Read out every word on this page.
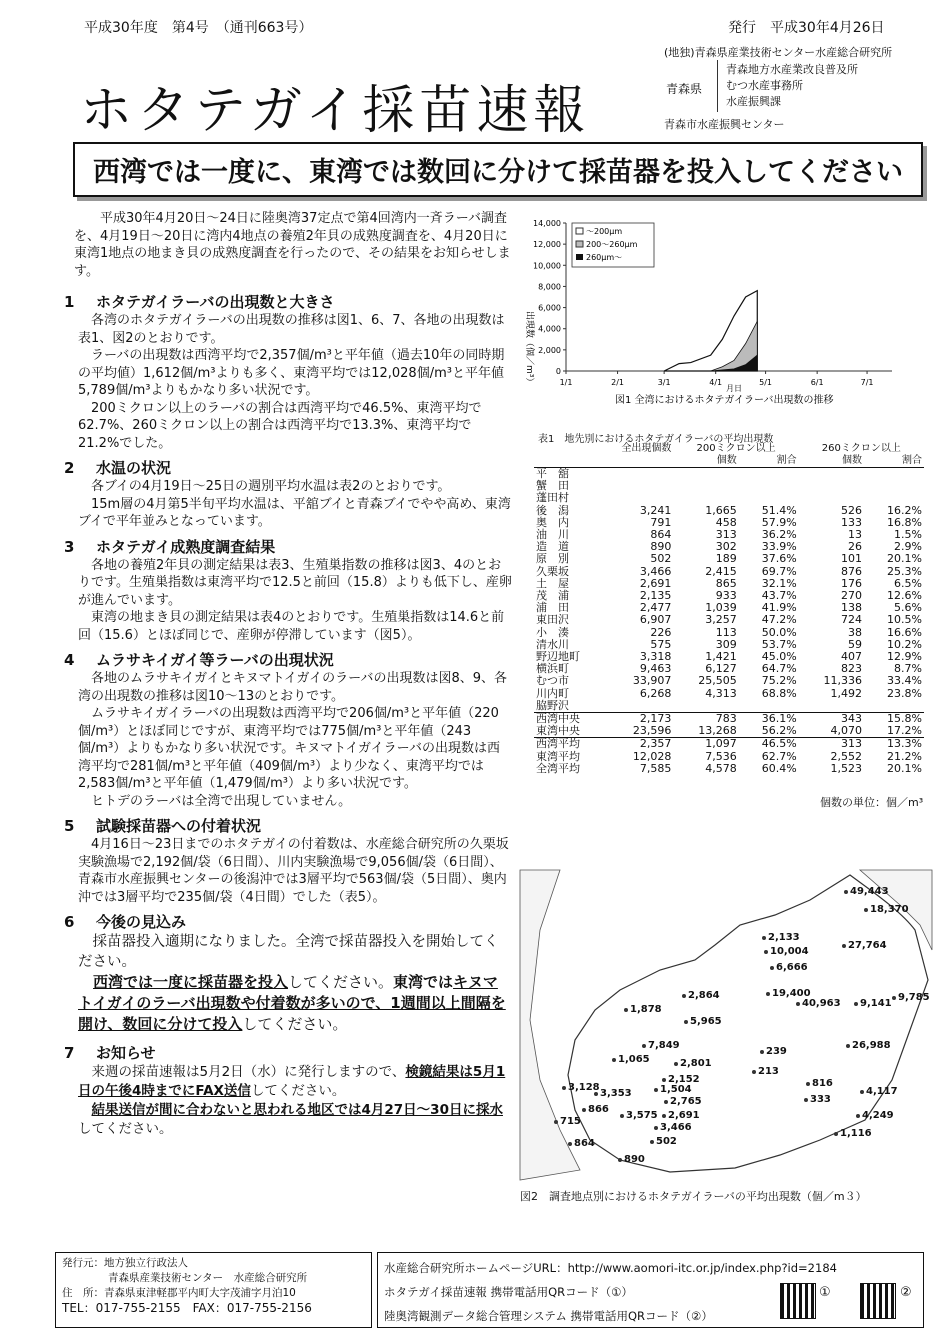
平成30年度　第4号　（通刊663号）	発行　平成30年4月26日
(地独)青森県産業技術センター水産総合研究所
青森県
青森地方水産業改良普及所
むつ水産事務所
水産振興課
青森市水産振興センター
ホタテガイ採苗速報
西湾では一度に、東湾では数回に分けて採苗器を投入してください

平成30年4月20日～24日に陸奥湾37定点で第4回湾内一斉ラーバ調査を、4月19日～20日に湾内4地点の養殖2年貝の成熟度調査を、4月20日に東湾1地点の地まき貝の成熟度調査を行ったので、その結果をお知らせします。

1 ホタテガイラーバの出現数と大きさ

各湾のホタテガイラーバの出現数の推移は図1、6、7、各地の出現数は表1、図2のとおりです。

ラーバの出現数は西湾平均で2,357個/m³と平年値（過去10年の同時期の平均値）1,612個/m³よりも多く、東湾平均では12,028個/m³と平年値5,789個/m³よりもかなり多い状況です。

200ミクロン以上のラーバの割合は西湾平均で46.5%、東湾平均で62.7%、260ミクロン以上の割合は西湾平均で13.3%、東湾平均で21.2%でした。

2 水温の状況

各ブイの4月19日～25日の週別平均水温は表2のとおりです。

15m層の4月第5半旬平均水温は、平舘ブイと青森ブイでやや高め、東湾ブイで平年並みとなっています。

3 ホタテガイ成熟度調査結果

各地の養殖2年貝の測定結果は表3、生殖巣指数の推移は図3、4のとおりです。生殖巣指数は東湾平均で12.5と前回（15.8）よりも低下し、産卵が進んでいます。

東湾の地まき貝の測定結果は表4のとおりです。生殖巣指数は14.6と前回（15.6）とほぼ同じで、産卵が停滞しています（図5）。

4 ムラサキイガイ等ラーバの出現状況

各地のムラサキイガイとキヌマトイガイのラーバの出現数は図8、9、各湾の出現数の推移は図10～13のとおりです。

ムラサキイガイラーバの出現数は西湾平均で206個/m³と平年値（220個/m³）とほぼ同じですが、東湾平均では775個/m³と平年値（243個/m³）よりもかなり多い状況です。キヌマトイガイラーバの出現数は西湾平均で281個/m³と平年値（409個/m³）より少なく、東湾平均では2,583個/m³と平年値（1,479個/m³）より多い状況です。

ヒトデのラーバは全湾で出現していません。

5 試験採苗器への付着状況

4月16日～23日までのホタテガイの付着数は、水産総合研究所の久栗坂実験漁場で2,192個/袋（6日間）、川内実験漁場で9,056個/袋（6日間）、青森市水産振興センターの後潟沖では3層平均で563個/袋（5日間）、奥内沖では3層平均で235個/袋（4日間）でした（表5）。

6 今後の見込み

採苗器投入適期になりました。全湾で採苗器投入を開始してください。

西湾では一度に採苗器を投入してください。東湾ではキヌマトイガイのラーバ出現数や付着数が多いので、1週間以上間隔を開け、数回に分けて投入してください。

7 お知らせ

来週の採苗速報は5月2日（水）に発行しますので、検鏡結果は5月1日の午後4時までにFAX送信してください。

結果送信が間に合わないと思われる地区では4月27日～30日に採水してください。

0
2,000
4,000
6,000
8,000
10,000
12,000
14,000
1/1	2/1	3/1	4/1	5/1	6/1	7/1
～200μm
200～260μm
260μm～
出現数（個／m³）
月日
図1 全湾におけるホタテガイラーバ出現数の推移
表1　地先別におけるホタテガイラーバの平均出現数
	全出現個数	200ミクロン以上		260ミクロン以上	
		個数	割合	個数	割合
平　舘					
蟹　田					
蓬田村					
後　潟	3,241	1,665	51.4%	526	16.2%
奥　内	791	458	57.9%	133	16.8%
油　川	864	313	36.2%	13	1.5%
造　道	890	302	33.9%	26	2.9%
原　別	502	189	37.6%	101	20.1%
久栗坂	3,466	2,415	69.7%	876	25.3%
土　屋	2,691	865	32.1%	176	6.5%
茂　浦	2,135	933	43.7%	270	12.6%
浦　田	2,477	1,039	41.9%	138	5.6%
東田沢	6,907	3,257	47.2%	724	10.5%
小　湊	226	113	50.0%	38	16.6%
清水川	575	309	53.7%	59	10.2%
野辺地町	3,318	1,421	45.0%	407	12.9%
横浜町	9,463	6,127	64.7%	823	8.7%
むつ市	33,907	25,505	75.2%	11,336	33.4%
川内町	6,268	4,313	68.8%	1,492	23.8%
脇野沢					
西湾中央	2,173	783	36.1%	343	15.8%
東湾中央	23,596	13,268	56.2%	4,070	17.2%
西湾平均	2,357	1,097	46.5%	313	13.3%
東湾平均	12,028	7,536	62.7%	2,552	21.2%
全湾平均	7,585	4,578	60.4%	1,523	20.1%
個数の単位：個／m³
49,443
18,370
2,133
10,004
27,764
6,666
2,864	19,400
40,963 9,141
9,785
1,878
5,965
26,988
7,849
239
1,065	2,801
213
2,152	816
3,128
3,353	1,504	4,117
866
2,765	333
3,575 2,691	4,249
715
3,466
1,116
864	502
890
図2　調査地点別におけるホタテガイラーバの平均出現数（個／m３）
発行元：地方独立行政法人
青森県産業技術センター　水産総合研究所
住　所：青森県東津軽郡平内町大字茂浦字月泊10
TEL：017-755-2155　FAX：017-755-2156
水産総合研究所ホームページURL：http://www.aomori-itc.or.jp/index.php?id=2184
ホタテガイ採苗速報 携帯電話用QRコード（①）
陸奥湾観測データ総合管理システム 携帯電話用QRコード（②）
①	②
